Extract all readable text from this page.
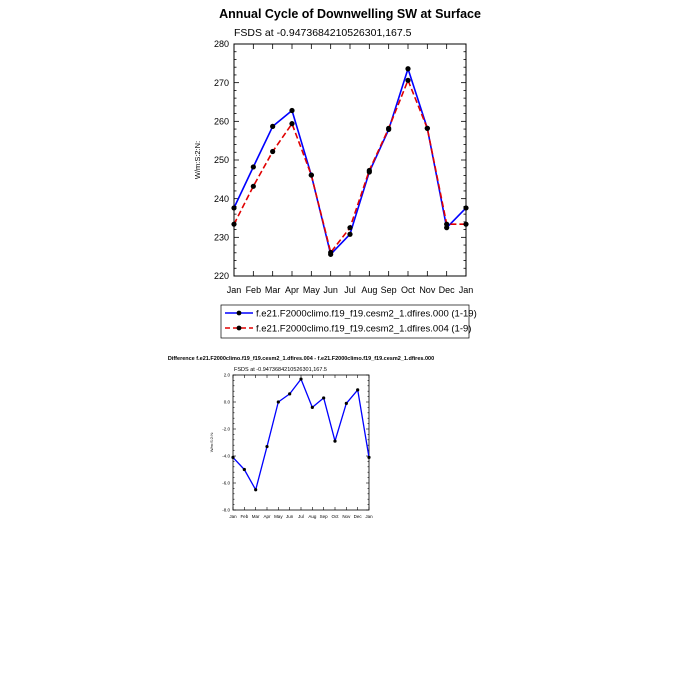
Annual Cycle of Downwelling SW at Surface
FSDS at -0.9473684210526301,167.5
W/m:S:2:N:
220
230
240
250
260
270
280
Jan Feb Mar Apr May Jun Jul Aug Sep Oct Nov Dec Jan
f.e21.F2000climo.f19_f19.cesm2_1.dfires.000 (1-19)
f.e21.F2000climo.f19_f19.cesm2_1.dfires.004 (1-9)
Difference f.e21.F2000climo.f19_f19.cesm2_1.dfires.004 - f.e21.F2000climo.f19_f19.cesm2_1.dfires.000
FSDS at -0.9473684210526301,167.5
W/m:S:2:N:
-8.0
-6.0
-4.0
-2.0
0.0
2.0
Jan Feb Mar Apr May Jun Jul Aug Sep Oct Nov Dec Jan
